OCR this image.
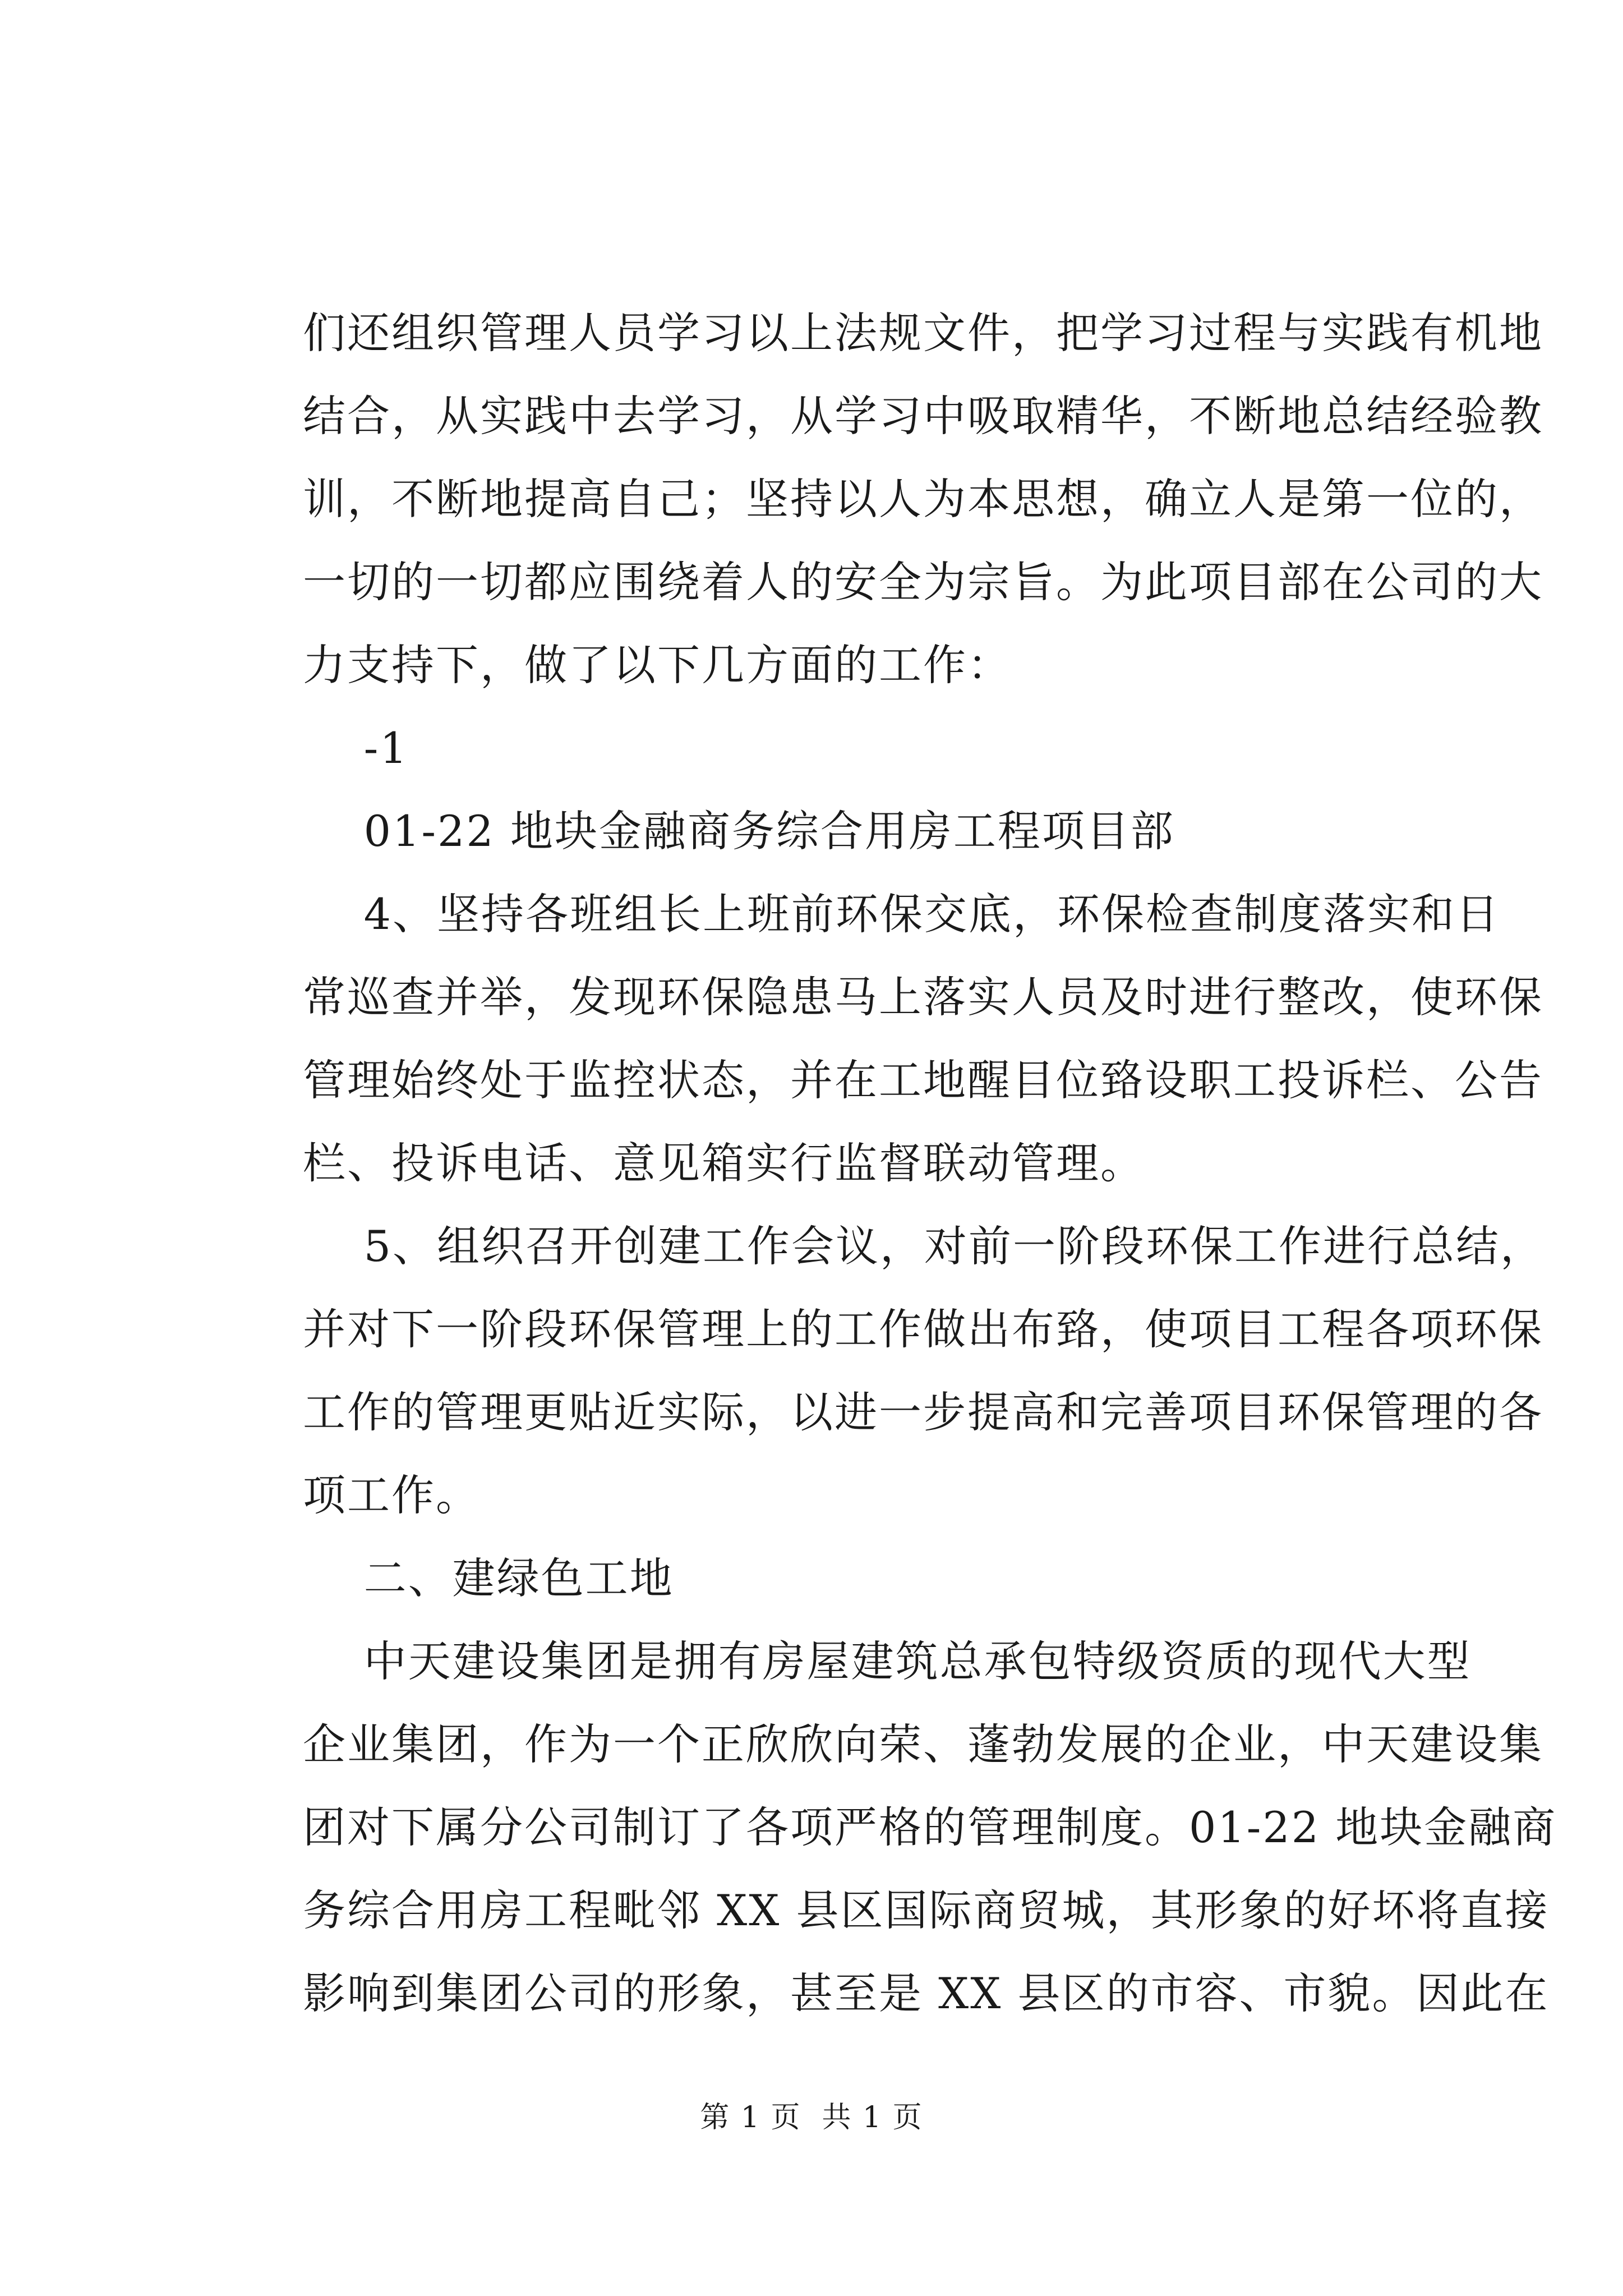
们还组织管理人员学习以上法规文件，把学习过程与实践有机地
结合，从实践中去学习，从学习中吸取精华，不断地总结经验教
训，不断地提高自己；坚持以人为本思想，确立人是第一位的，
一切的一切都应围绕着人的安全为宗旨。为此项目部在公司的大
力支持下，做了以下几方面的工作：
-1
01-22 地块金融商务综合用房工程项目部
4、坚持各班组长上班前环保交底，环保检查制度落实和日
常巡查并举，发现环保隐患马上落实人员及时进行整改，使环保
管理始终处于监控状态，并在工地醒目位臵设职工投诉栏、公告
栏、投诉电话、意见箱实行监督联动管理。
5、组织召开创建工作会议，对前一阶段环保工作进行总结，
并对下一阶段环保管理上的工作做出布臵，使项目工程各项环保
工作的管理更贴近实际，以进一步提高和完善项目环保管理的各
项工作。
二、建绿色工地
中天建设集团是拥有房屋建筑总承包特级资质的现代大型
企业集团，作为一个正欣欣向荣、蓬勃发展的企业，中天建设集
团对下属分公司制订了各项严格的管理制度。01-22 地块金融商
务综合用房工程毗邻 XX 县区国际商贸城，其形象的好坏将直接
影响到集团公司的形象，甚至是 XX 县区的市容、市貌。因此在
第 1 页  共 1 页
